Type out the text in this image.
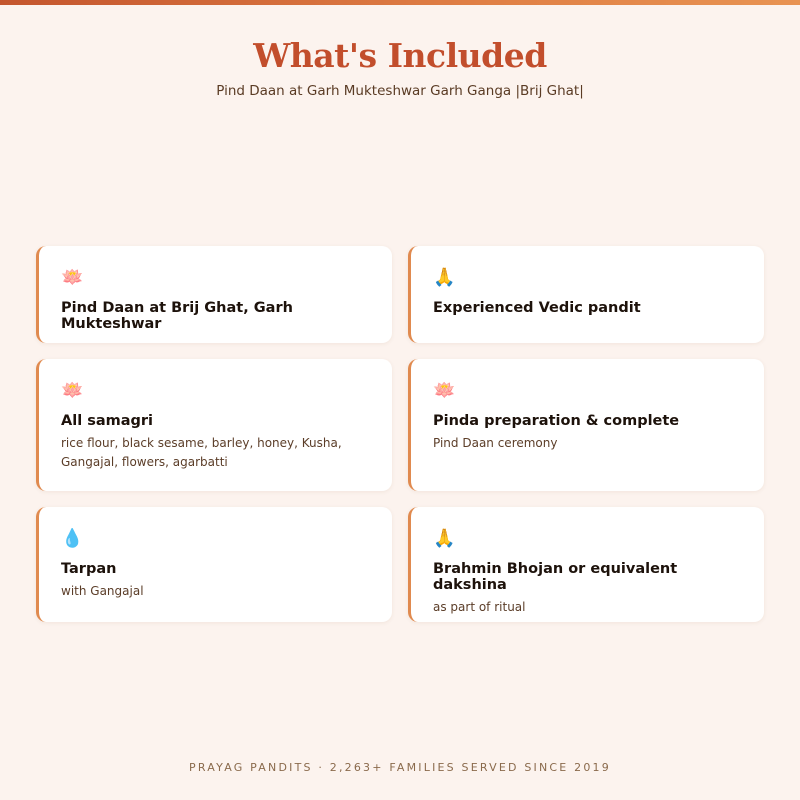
What's Included
Pind Daan at Garh Mukteshwar Garh Ganga |Brij Ghat|
🪷
Pind Daan at Brij Ghat, Garh Mukteshwar
🙏
Experienced Vedic pandit
🪷
All samagri
rice flour, black sesame, barley, honey, Kusha, Gangajal, flowers, agarbatti
🪷
Pinda preparation & complete
Pind Daan ceremony
💧
Tarpan
with Gangajal
🙏
Brahmin Bhojan or equivalent dakshina
as part of ritual
PRAYAG PANDITS · 2,263+ FAMILIES SERVED SINCE 2019
